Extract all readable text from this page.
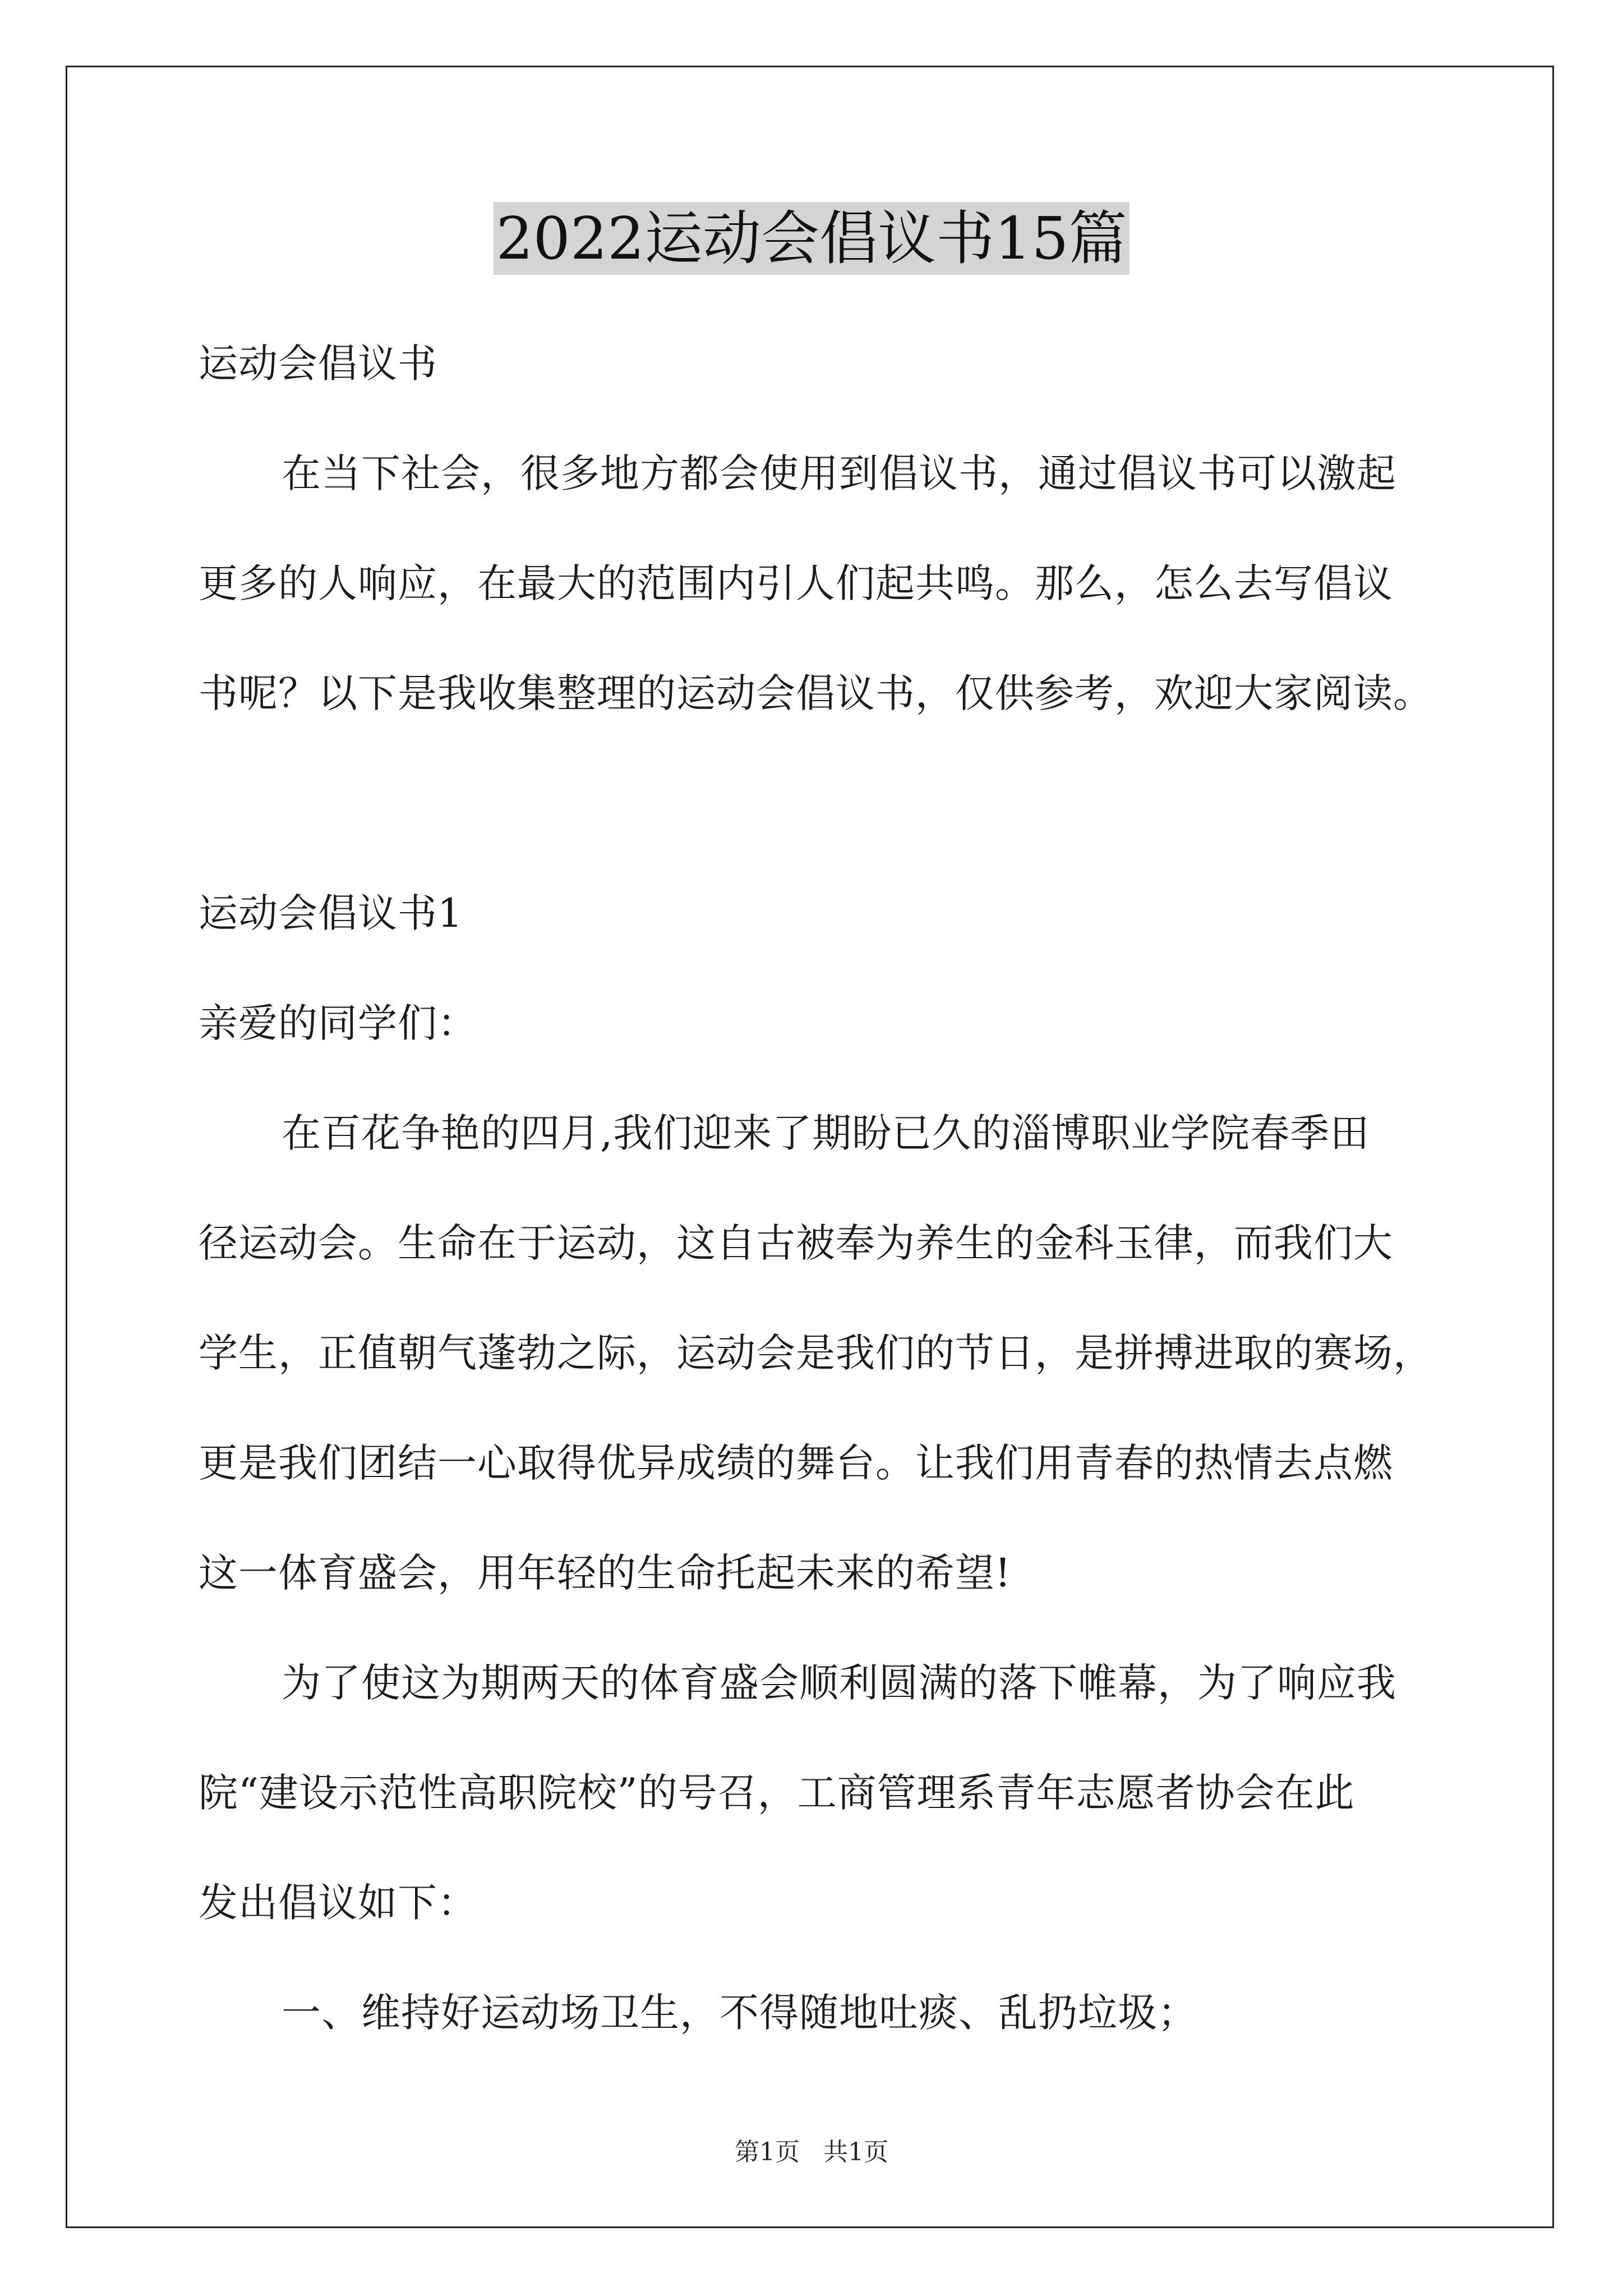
2022运动会倡议书15篇
运动会倡议书
在当下社会，很多地方都会使用到倡议书，通过倡议书可以激起
更多的人响应，在最大的范围内引人们起共鸣。那么，怎么去写倡议
书呢？以下是我收集整理的运动会倡议书，仅供参考，欢迎大家阅读。
运动会倡议书1
亲爱的同学们：
在百花争艳的四月,我们迎来了期盼已久的淄博职业学院春季田
径运动会。生命在于运动，这自古被奉为养生的金科玉律，而我们大
学生，正值朝气蓬勃之际，运动会是我们的节日，是拼搏进取的赛场，
更是我们团结一心取得优异成绩的舞台。让我们用青春的热情去点燃
这一体育盛会，用年轻的生命托起未来的希望!
为了使这为期两天的体育盛会顺利圆满的落下帷幕，为了响应我
院“建设示范性高职院校”的号召，工商管理系青年志愿者协会在此
发出倡议如下：
一、维持好运动场卫生，不得随地吐痰、乱扔垃圾；
第1页   共1页
